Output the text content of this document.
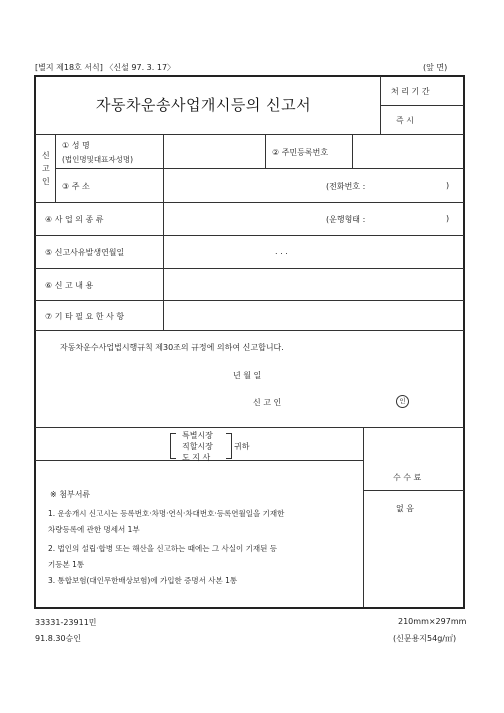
[별지 제18호 서식] 〈신설 97. 3. 17〉	(앞 면)
자동차운송사업개시등의 신고서
처 리 기 간
즉 시
신
고
인
① 성 명
(법인명및대표자성명)
② 주민등록번호
③ 주 소	(전화번호 :	)
④ 사 업 의 종 류	(운행형태 :	)
⑤ 신고사유발생연월일	. . .
⑥ 신 고 내 용
⑦ 기 타 필 요 한 사 항
자동차운수사업법시행규칙 제30조의 규정에 의하여 신고합니다.
년 월 일
신 고 인	인
특별시장
직할시장
도 지 사
귀하
수 수 료
없 음
※ 첨부서류
1. 운송개시 신고시는 등록번호·차명·연식·차대번호·등록연월일을 기재한
차량등록에 관한 명세서 1부
2. 법인의 설립·합병 또는 해산을 신고하는 때에는 그 사실이 기재된 등
기등본 1통
3. 통합보험(대인무한배상보험)에 가입한 증명서 사본 1통
33331-23911민
91.8.30승인
210mm×297mm
(신문용지54g/㎡)
